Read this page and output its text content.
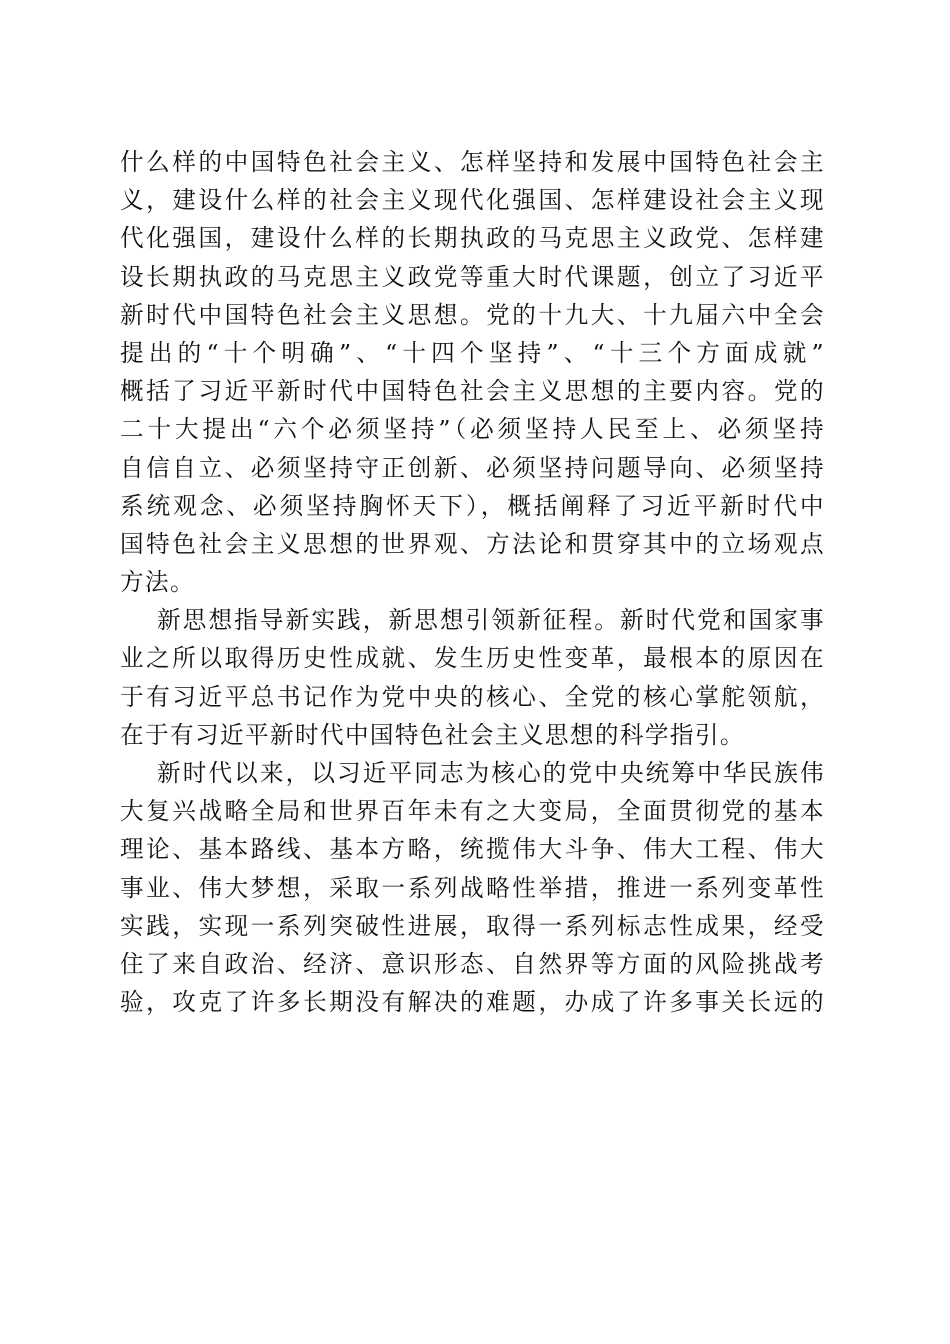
什么样的中国特色社会主义、怎样坚持和发展中国特色社会主
义，建设什么样的社会主义现代化强国、怎样建设社会主义现
代化强国，建设什么样的长期执政的马克思主义政党、怎样建
设长期执政的马克思主义政党等重大时代课题，创立了习近平
新时代中国特色社会主义思想。党的十九大、十九届六中全会
提出的“十个明确”、“十四个坚持”、“十三个方面成就”
概括了习近平新时代中国特色社会主义思想的主要内容。党的
二十大提出“六个必须坚持”（必须坚持人民至上、必须坚持
自信自立、必须坚持守正创新、必须坚持问题导向、必须坚持
系统观念、必须坚持胸怀天下），概括阐释了习近平新时代中
国特色社会主义思想的世界观、方法论和贯穿其中的立场观点
方法。
新思想指导新实践，新思想引领新征程。新时代党和国家事
业之所以取得历史性成就、发生历史性变革，最根本的原因在
于有习近平总书记作为党中央的核心、全党的核心掌舵领航，
在于有习近平新时代中国特色社会主义思想的科学指引。
新时代以来，以习近平同志为核心的党中央统筹中华民族伟
大复兴战略全局和世界百年未有之大变局，全面贯彻党的基本
理论、基本路线、基本方略，统揽伟大斗争、伟大工程、伟大
事业、伟大梦想，采取一系列战略性举措，推进一系列变革性
实践，实现一系列突破性进展，取得一系列标志性成果，经受
住了来自政治、经济、意识形态、自然界等方面的风险挑战考
验，攻克了许多长期没有解决的难题，办成了许多事关长远的
